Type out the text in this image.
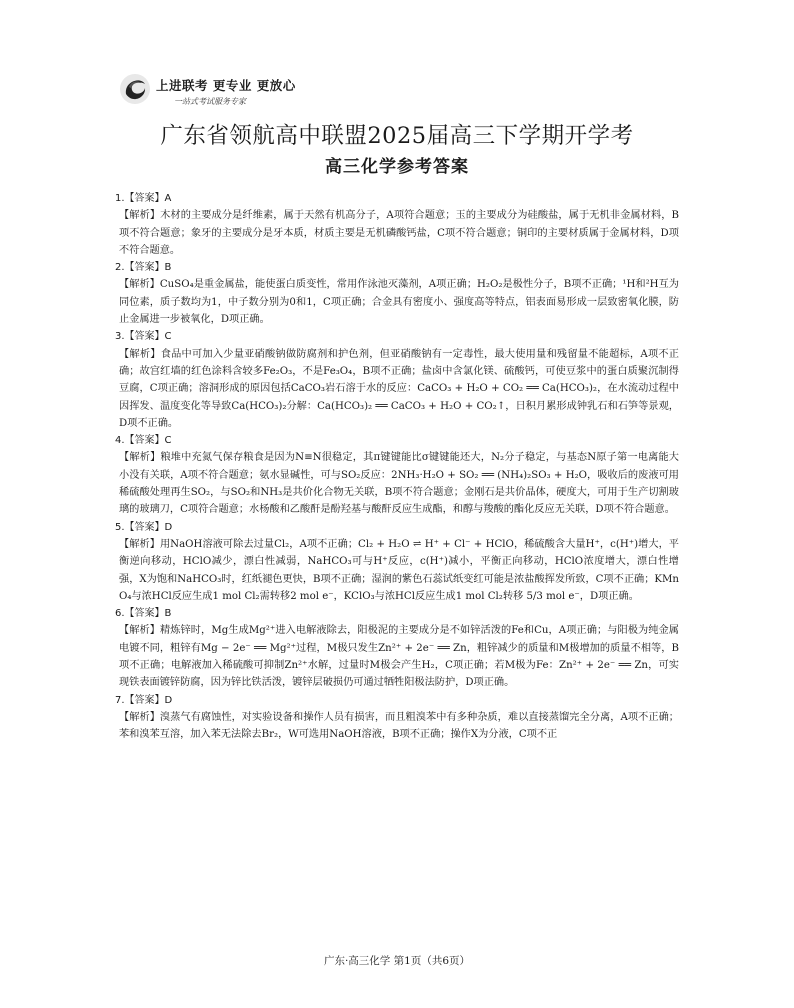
上进联考 更专业 更放心
一站式考试服务专家
广东省领航高中联盟2025届高三下学期开学考
高三化学参考答案

1.【答案】A

【解析】木材的主要成分是纤维素，属于天然有机高分子，A项符合题意；玉的主要成分为硅酸盐，属于无机非金属材料，B项不符合题意；象牙的主要成分是牙本质，材质主要是无机磷酸钙盐，C项不符合题意；铜印的主要材质属于金属材料，D项不符合题意。

2.【答案】B

【解析】CuSO₄是重金属盐，能使蛋白质变性，常用作泳池灭藻剂，A项正确；H₂O₂是极性分子，B项不正确；¹H和²H互为同位素，质子数均为1，中子数分别为0和1，C项正确；合金具有密度小、强度高等特点，铝表面易形成一层致密氧化膜，防止金属进一步被氧化，D项正确。

3.【答案】C

【解析】食品中可加入少量亚硝酸钠做防腐剂和护色剂，但亚硝酸钠有一定毒性，最大使用量和残留量不能超标，A项不正确；故宫红墙的红色涂料含较多Fe₂O₃，不是Fe₃O₄，B项不正确；盐卤中含氯化镁、硫酸钙，可使豆浆中的蛋白质聚沉制得豆腐，C项正确；溶洞形成的原因包括CaCO₃岩石溶于水的反应：CaCO₃ + H₂O + CO₂ ══ Ca(HCO₃)₂，在水流动过程中因挥发、温度变化等导致Ca(HCO₃)₂分解：Ca(HCO₃)₂ ══ CaCO₃ + H₂O + CO₂↑，日积月累形成钟乳石和石笋等景观，D项不正确。

4.【答案】C

【解析】粮堆中充氮气保存粮食是因为N≡N很稳定，其π键键能比σ键键能还大，N₂分子稳定，与基态N原子第一电离能大小没有关联，A项不符合题意；氨水显碱性，可与SO₂反应：2NH₃·H₂O + SO₂ ══ (NH₄)₂SO₃ + H₂O，吸收后的废液可用稀硫酸处理再生SO₂，与SO₂和NH₃是共价化合物无关联，B项不符合题意；金刚石是共价晶体，硬度大，可用于生产切割玻璃的玻璃刀，C项符合题意；水杨酸和乙酸酐是酚羟基与酸酐反应生成酯，和醇与羧酸的酯化反应无关联，D项不符合题意。

5.【答案】D

【解析】用NaOH溶液可除去过量Cl₂，A项不正确；Cl₂ + H₂O ⇌ H⁺ + Cl⁻ + HClO，稀硫酸含大量H⁺，c(H⁺)增大，平衡逆向移动，HClO减少，漂白性减弱，NaHCO₃可与H⁺反应，c(H⁺)减小，平衡正向移动，HClO浓度增大，漂白性增强，X为饱和NaHCO₃时，红纸褪色更快，B项不正确；湿润的紫色石蕊试纸变红可能是浓盐酸挥发所致，C项不正确；KMnO₄与浓HCl反应生成1 mol Cl₂需转移2 mol e⁻，KClO₃与浓HCl反应生成1 mol Cl₂转移 5/3 mol e⁻，D项正确。

6.【答案】B

【解析】精炼锌时，Mg生成Mg²⁺进入电解液除去，阳极泥的主要成分是不如锌活泼的Fe和Cu，A项正确；与阳极为纯金属电镀不同，粗锌有Mg − 2e⁻ ══ Mg²⁺过程，M极只发生Zn²⁺ + 2e⁻ ══ Zn，粗锌减少的质量和M极增加的质量不相等，B项不正确；电解液加入稀硫酸可抑制Zn²⁺水解，过量时M极会产生H₂，C项正确；若M极为Fe：Zn²⁺ + 2e⁻ ══ Zn，可实现铁表面镀锌防腐，因为锌比铁活泼，镀锌层破损仍可通过牺牲阳极法防护，D项正确。

7.【答案】D

【解析】溴蒸气有腐蚀性，对实验设备和操作人员有损害，而且粗溴苯中有多种杂质，难以直接蒸馏完全分离，A项不正确；苯和溴苯互溶，加入苯无法除去Br₂，W可选用NaOH溶液，B项不正确；操作X为分液，C项不正

广东·高三化学 第1页（共6页）
